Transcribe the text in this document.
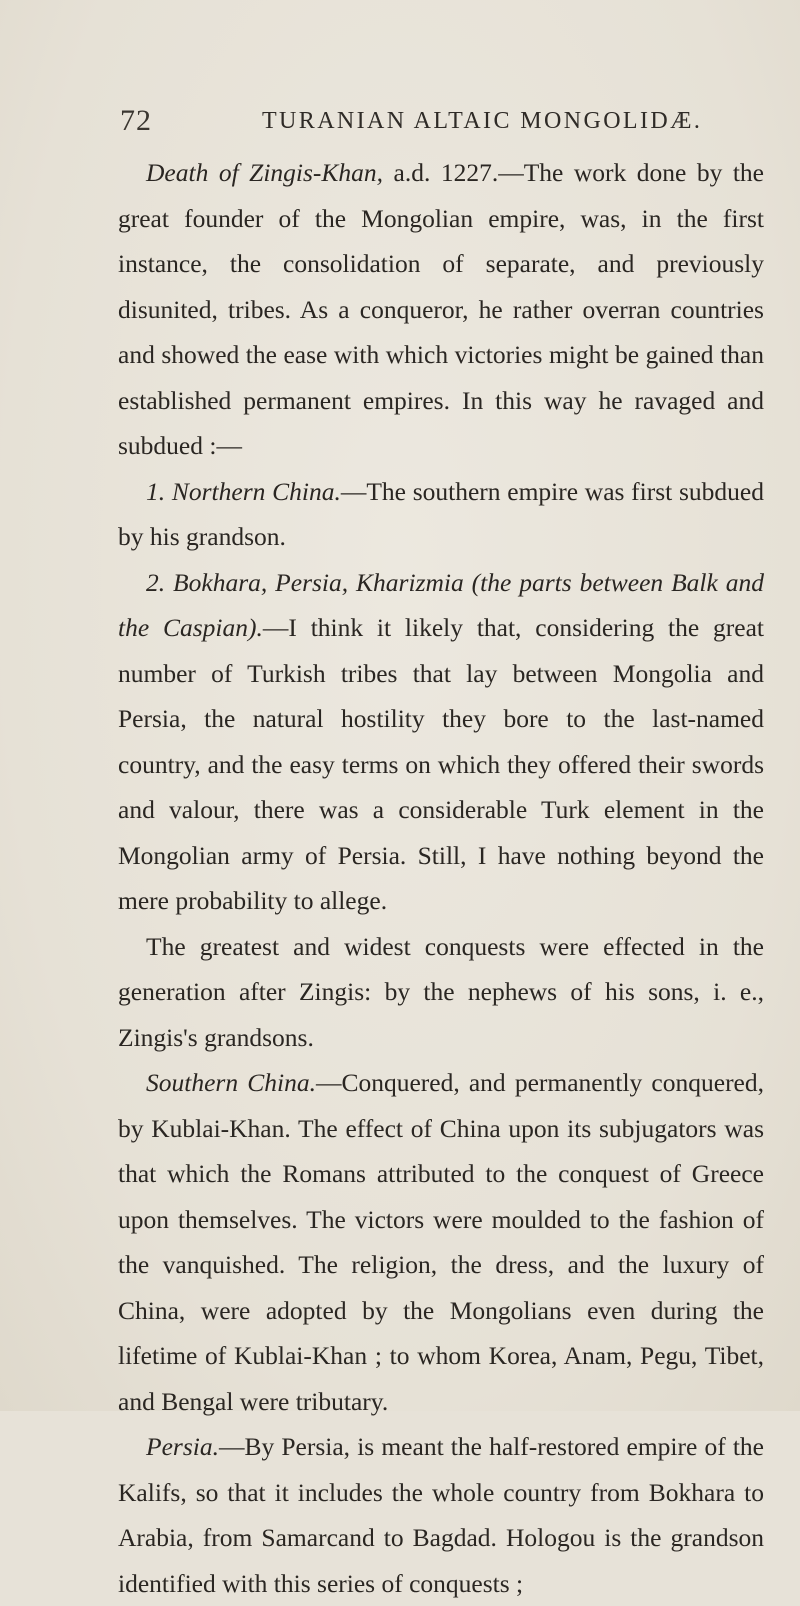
72	TURANIAN ALTAIC MONGOLIDÆ.

Death of Zingis-Khan, a.d. 1227.—The work done by the great founder of the Mongolian empire, was, in the first instance, the consolidation of separate, and previously disunited, tribes. As a conqueror, he rather overran countries and showed the ease with which victories might be gained than established permanent empires. In this way he ravaged and subdued :—

1. Northern China.—The southern empire was first subdued by his grandson.

2. Bokhara, Persia, Kharizmia (the parts between Balk and the Caspian).—I think it likely that, considering the great number of Turkish tribes that lay between Mongolia and Persia, the natural hostility they bore to the last-named country, and the easy terms on which they offered their swords and valour, there was a considerable Turk element in the Mongolian army of Persia. Still, I have nothing beyond the mere probability to allege.

The greatest and widest conquests were effected in the generation after Zingis: by the nephews of his sons, i. e., Zingis's grandsons.

Southern China.—Conquered, and permanently conquered, by Kublai-Khan. The effect of China upon its subjugators was that which the Romans attributed to the conquest of Greece upon themselves. The victors were moulded to the fashion of the vanquished. The religion, the dress, and the luxury of China, were adopted by the Mongolians even during the lifetime of Kublai-Khan ; to whom Korea, Anam, Pegu, Tibet, and Bengal were tributary.

Persia.—By Persia, is meant the half-restored empire of the Kalifs, so that it includes the whole country from Bokhara to Arabia, from Samarcand to Bagdad. Hologou is the grandson identified with this series of conquests ;
